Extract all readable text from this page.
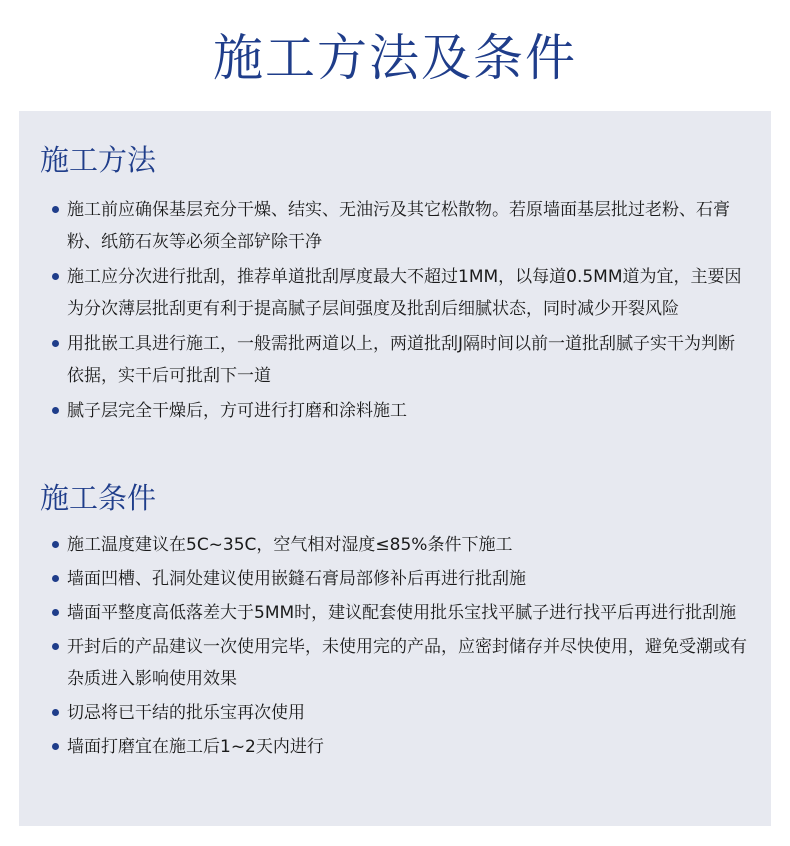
施工方法及条件
施工方法
施工前应确保基层充分干燥、结实、无油污及其它松散物。若原墙面基层批过老粉、石膏粉、纸筋石灰等必须全部铲除干净
施工应分次进行批刮，推荐单道批刮厚度最大不超过1MM，以每道0.5MM道为宜，主要因为分次薄层批刮更有利于提高腻子层间强度及批刮后细腻状态，同时减少开裂风险
用批嵌工具进行施工，一般需批两道以上，两道批刮J隔时间以前一道批刮腻子实干为判断依据，实干后可批刮下一道
腻子层完全干燥后，方可进行打磨和涂料施工
施工条件
施工温度建议在5C~35C，空气相对湿度≤85%条件下施工
墙面凹槽、孔洞处建议使用嵌鏠石膏局部修补后再进行批刮施
墙面平整度高低落差大于5MM时，建议配套使用批乐宝找平腻子进行找平后再进行批刮施
开封后的产品建议一次使用完毕，未使用完的产品，应密封储存并尽快使用，避免受潮或有杂质进入影响使用效果
切忌将已干结的批乐宝再次使用
墙面打磨宜在施工后1~2天内进行
